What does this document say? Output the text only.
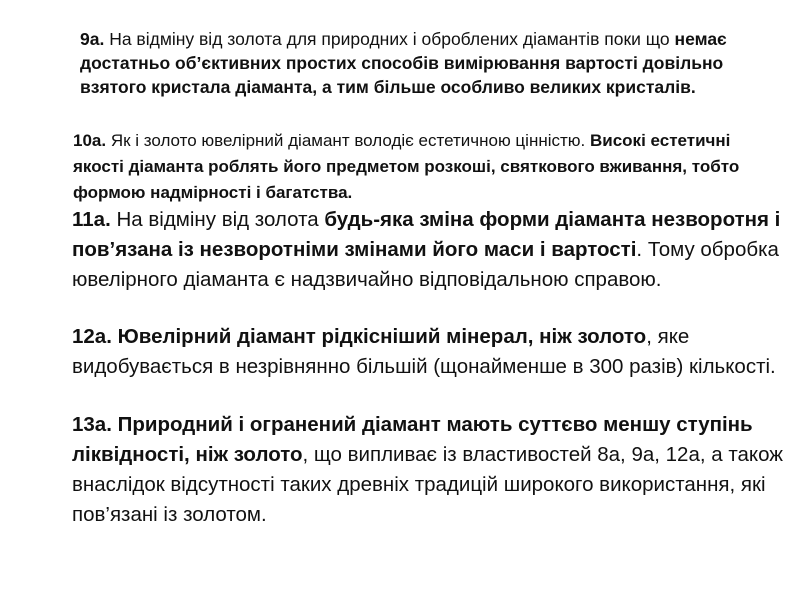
9а. На відміну від золота для природних і оброблених діамантів поки що немає достатньо об’єктивних простих способів вимірювання вартості довільно взятого кристала діаманта, а тим більше особливо великих кристалів.

10а. Як і золото ювелірний діамант володіє естетичною цінністю. Високі естетичні якості діаманта роблять його предметом розкоші, святкового вживання, тобто формою надмірності і багатства.

11а. На відміну від золота будь-яка зміна форми діаманта незворотня і пов’язана із незворотніми змінами його маси і вартості. Тому обробка ювелірного діаманта є надзвичайно відповідальною справою.

12а. Ювелірний діамант рідкісніший мінерал, ніж золото, яке видобувається в незрівнянно більшій (щонайменше в 300 разів) кількості.

13а. Природний і огранений діамант мають суттєво меншу ступінь ліквідності, ніж золото, що випливає із властивостей 8а, 9а, 12а, а також внаслідок відсутності таких древніх традицій широкого використання, які пов’язані із золотом.
